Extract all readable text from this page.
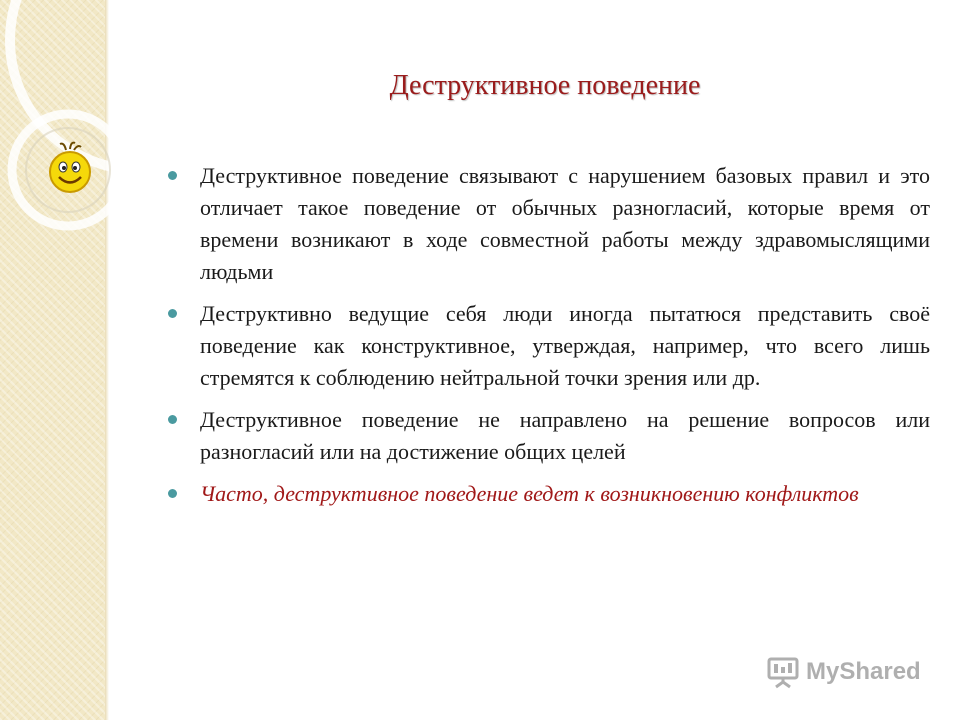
Деструктивное поведение
Деструктивное поведение связывают с нарушением базовых правил и это отличает такое поведение от обычных разногласий, которые время от времени возникают в ходе совместной работы между здравомыслящими людьми
Деструктивно ведущие себя люди иногда пытатюся представить своё поведение как конструктивное, утверждая, например, что всего лишь стремятся к соблюдению нейтральной точки зрения или др.
Деструктивное поведение не направлено на решение вопросов или разногласий или на достижение общих целей
Часто, деструктивное поведение ведет к возникновению конфликтов
MyShared
